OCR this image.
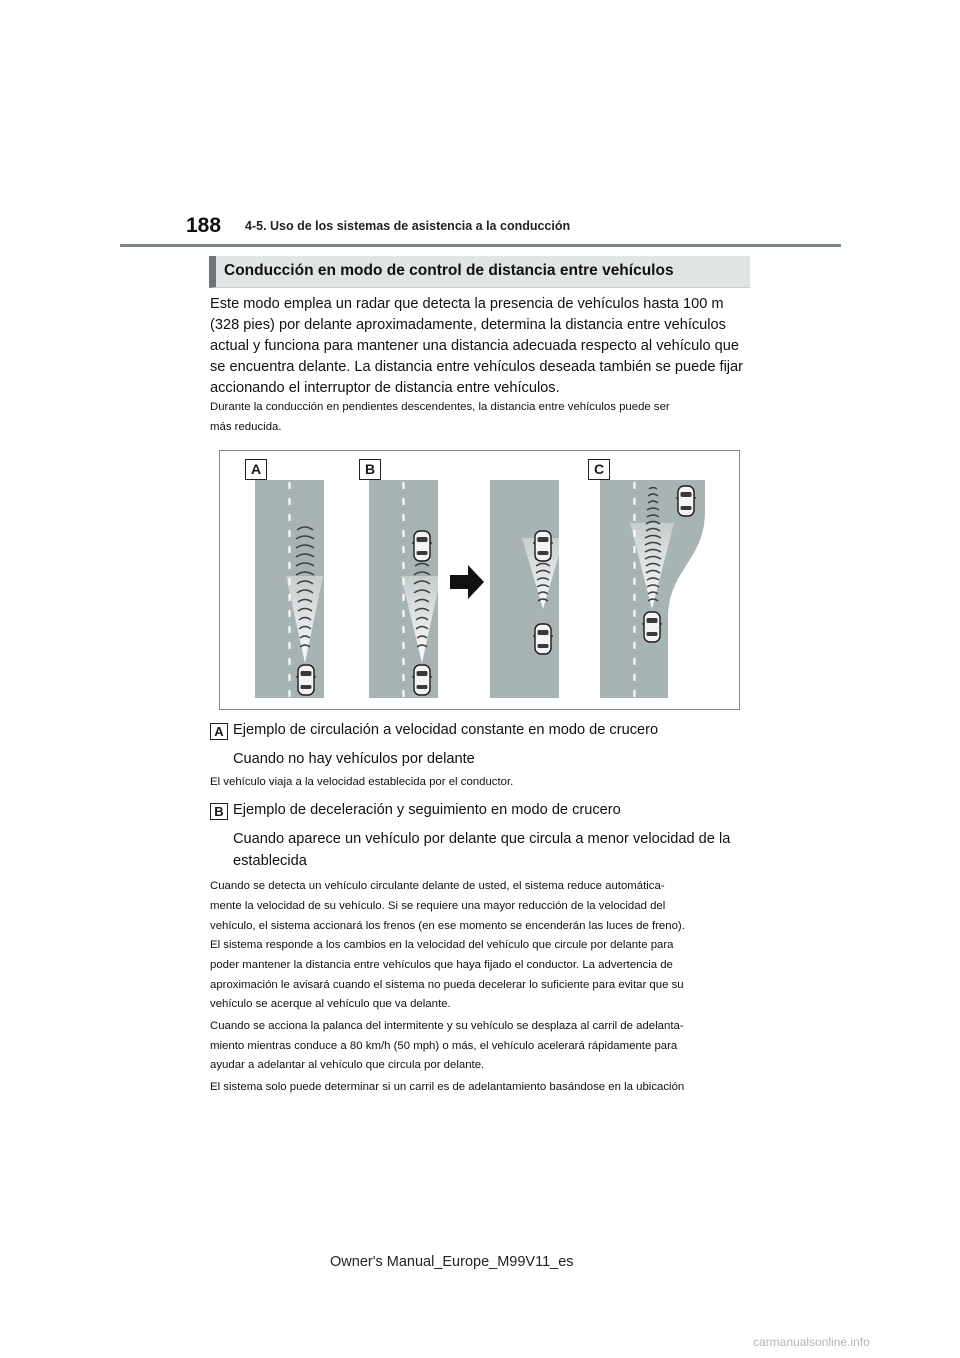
188 4-5. Uso de los sistemas de asistencia a la conducción
Conducción en modo de control de distancia entre vehículos

Este modo emplea un radar que detecta la presencia de vehículos hasta 100 m

(328 pies) por delante aproximadamente, determina la distancia entre vehículos

actual y funciona para mantener una distancia adecuada respecto al vehículo que

se encuentra delante. La distancia entre vehículos deseada también se puede fijar

accionando el interruptor de distancia entre vehículos.

Durante la conducción en pendientes descendentes, la distancia entre vehículos puede ser

más reducida.

A	B	C
A Ejemplo de circulación a velocidad constante en modo de crucero
Cuando no hay vehículos por delante

El vehículo viaja a la velocidad establecida por el conductor.

B Ejemplo de deceleración y seguimiento en modo de crucero
Cuando aparece un vehículo por delante que circula a menor velocidad de la
establecida

Cuando se detecta un vehículo circulante delante de usted, el sistema reduce automática-

mente la velocidad de su vehículo. Si se requiere una mayor reducción de la velocidad del

vehículo, el sistema accionará los frenos (en ese momento se encenderán las luces de freno).

El sistema responde a los cambios en la velocidad del vehículo que circule por delante para

poder mantener la distancia entre vehículos que haya fijado el conductor. La advertencia de

aproximación le avisará cuando el sistema no pueda decelerar lo suficiente para evitar que su

vehículo se acerque al vehículo que va delante.

Cuando se acciona la palanca del intermitente y su vehículo se desplaza al carril de adelanta-

miento mientras conduce a 80 km/h (50 mph) o más, el vehículo acelerará rápidamente para

ayudar a adelantar al vehículo que circula por delante.

El sistema solo puede determinar si un carril es de adelantamiento basándose en la ubicación

Owner's Manual_Europe_M99V11_es
carmanualsonline.info
